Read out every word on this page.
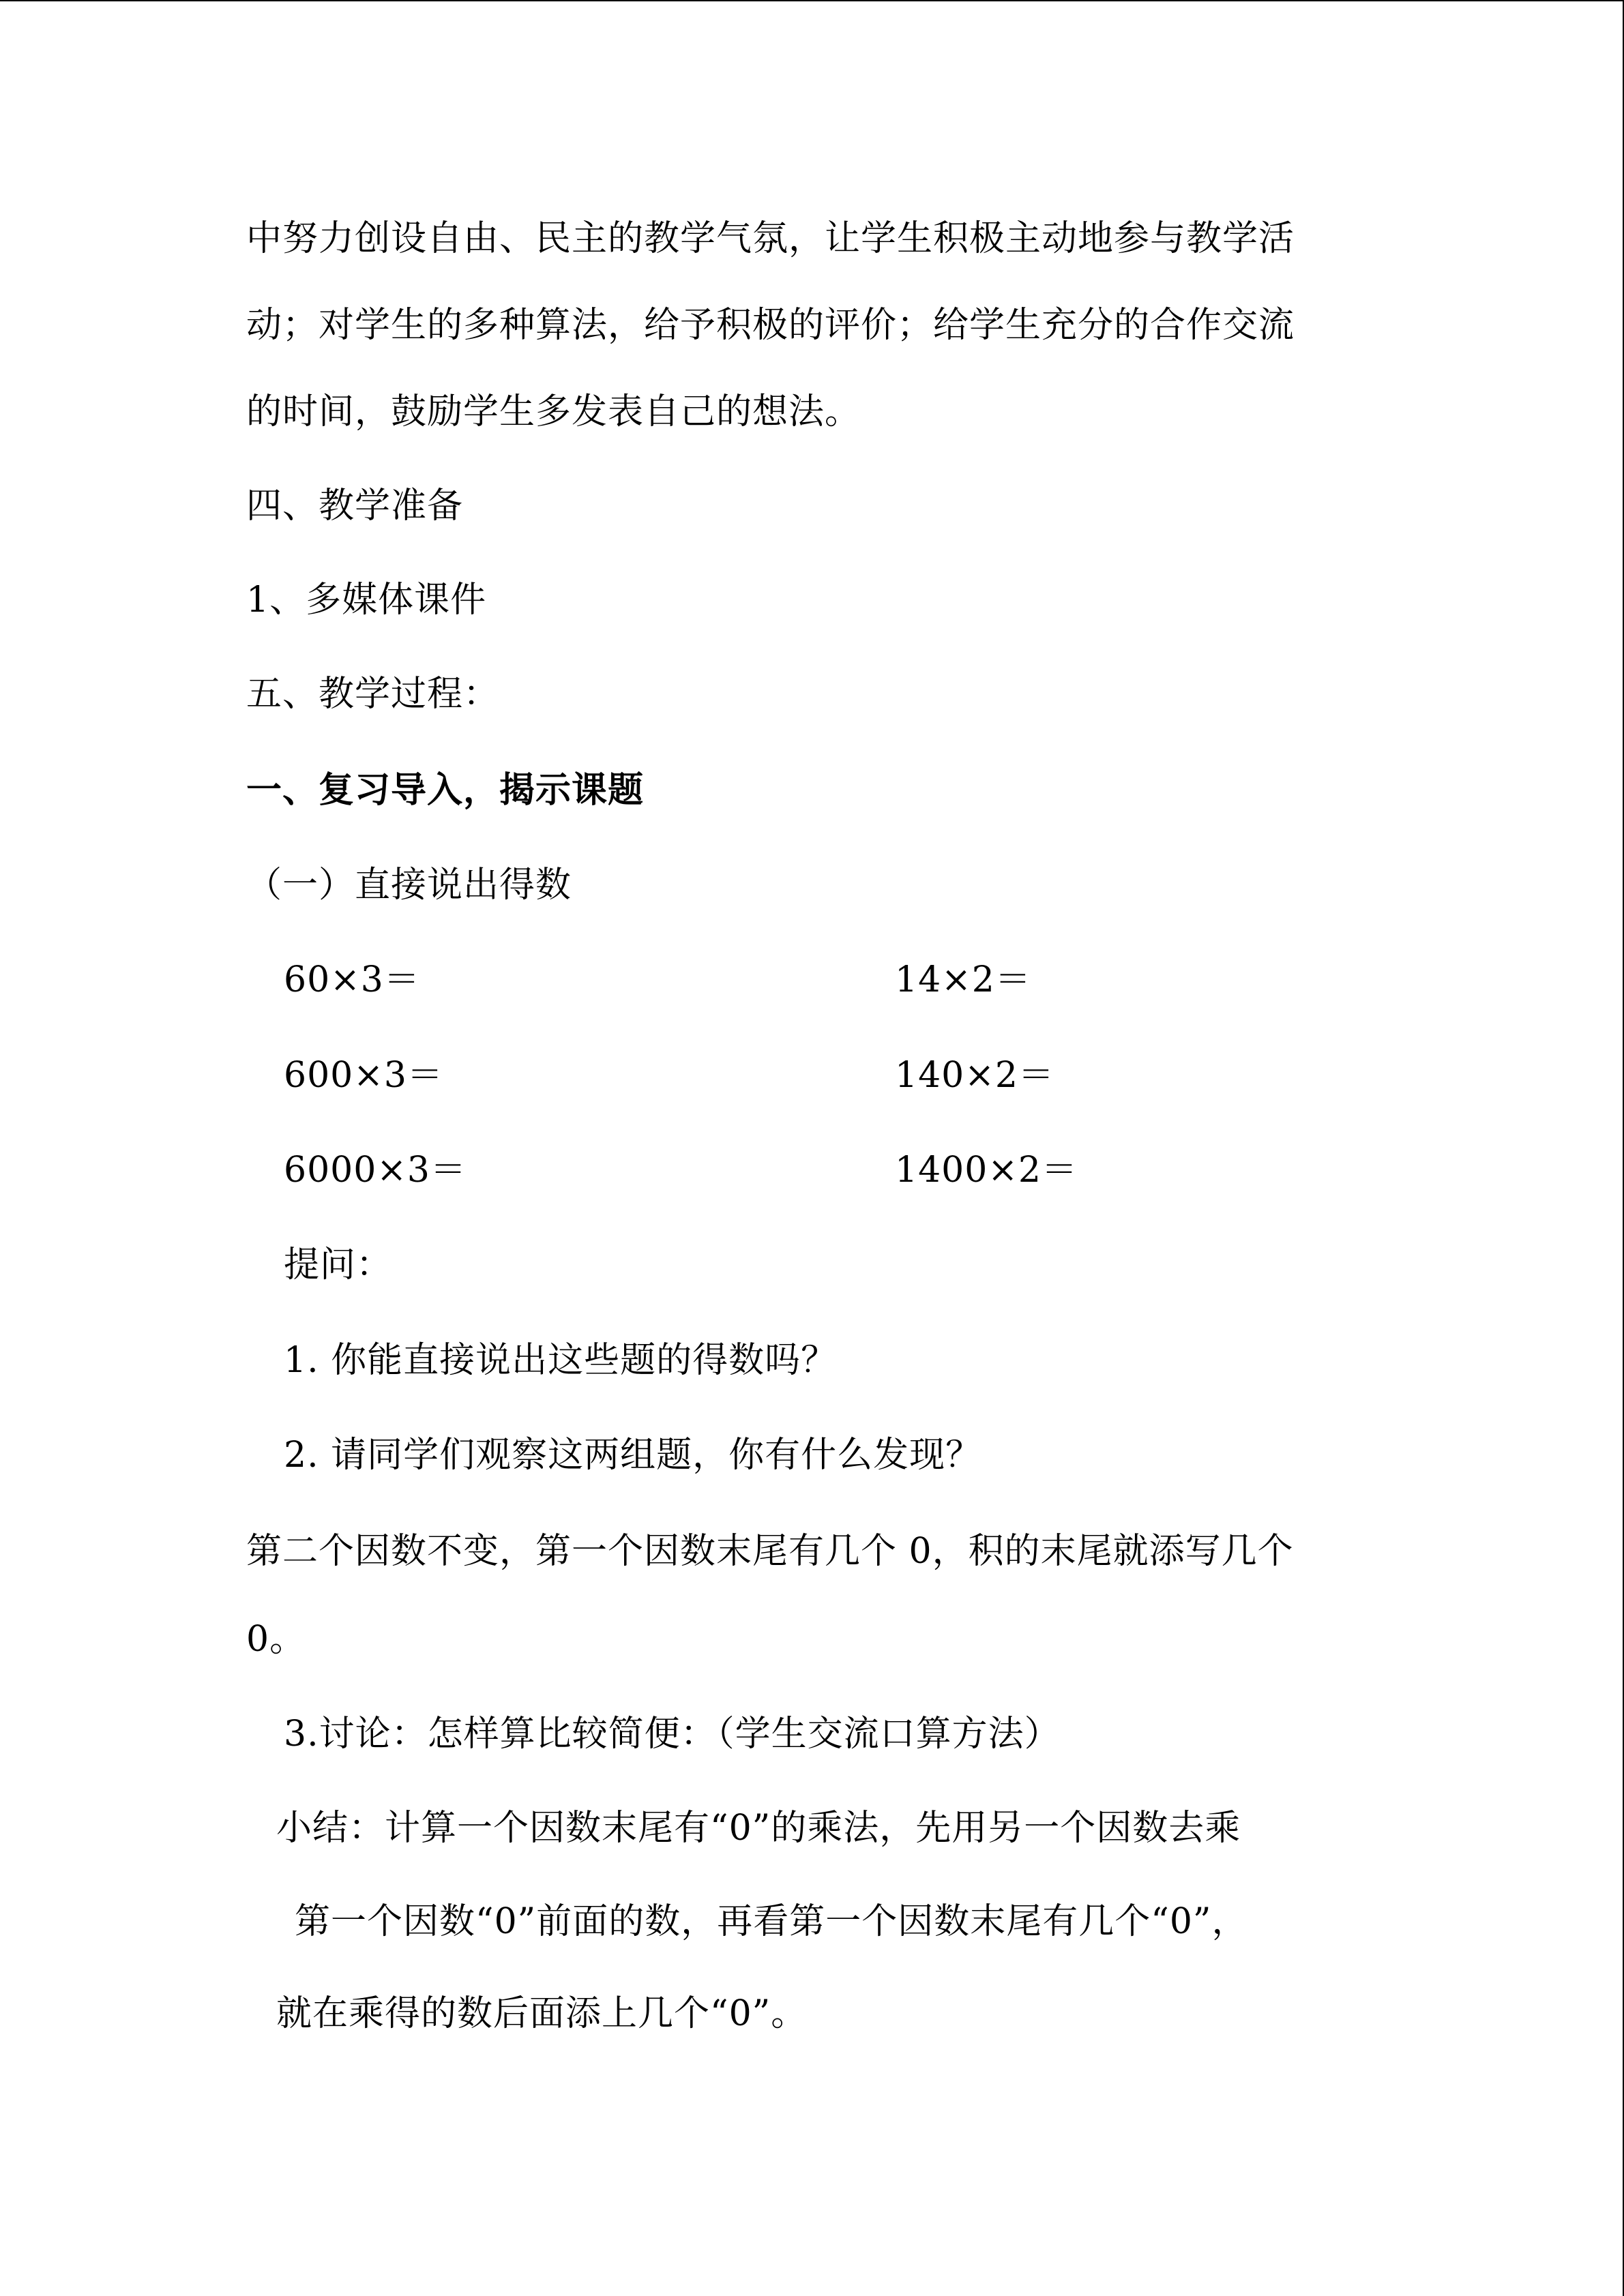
中努力创设自由、民主的教学气氛，让学生积极主动地参与教学活
动；对学生的多种算法，给予积极的评价；给学生充分的合作交流
的时间，鼓励学生多发表自己的想法。
四、教学准备
1、多媒体课件
五、教学过程：
一、复习导入，揭示课题
（一）直接说出得数
60×3＝	14×2＝
600×3＝	140×2＝
6000×3＝	1400×2＝
提问：
1. 你能直接说出这些题的得数吗？
2. 请同学们观察这两组题，你有什么发现？
第二个因数不变，第一个因数末尾有几个 0，积的末尾就添写几个
0。
3.讨论：怎样算比较简便：（学生交流口算方法）
小结：计算一个因数末尾有“0”的乘法，先用另一个因数去乘
第一个因数“0”前面的数，再看第一个因数末尾有几个“0”，
就在乘得的数后面添上几个“0”。
